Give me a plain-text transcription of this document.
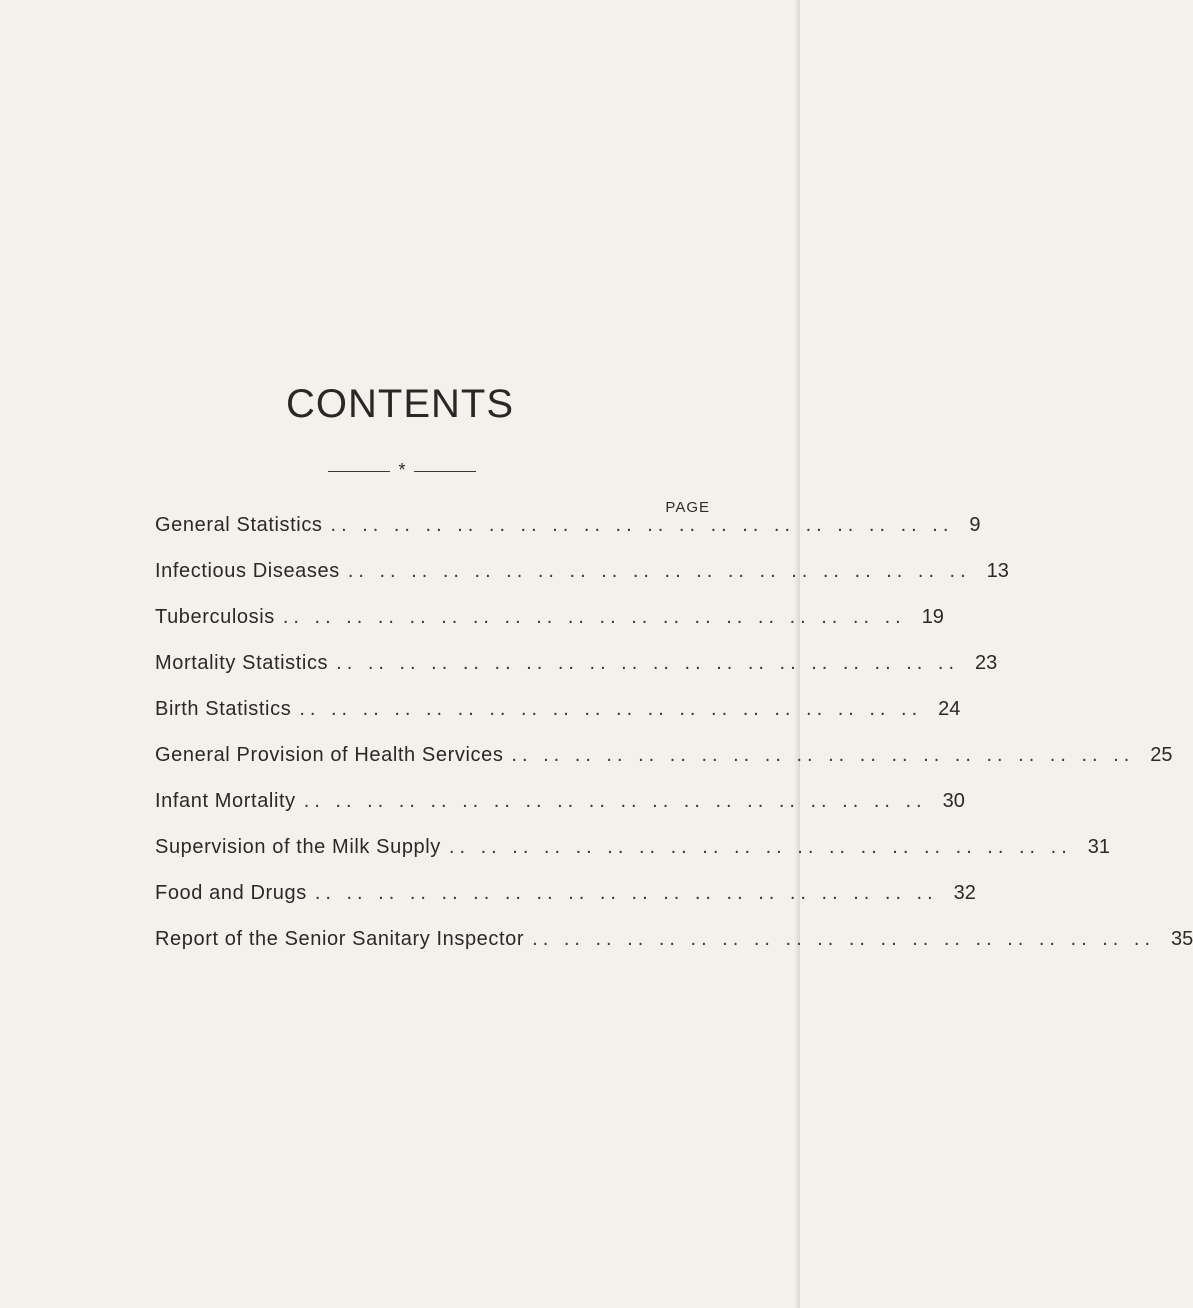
CONTENTS
*
PAGE
General Statistics .. .. .. .. .. .. .. .. .. .. .. .. .. .. .. .. .. .. .. .. 9
Infectious Diseases .. .. .. .. .. .. .. .. .. .. .. .. .. .. .. .. .. .. .. .. 13
Tuberculosis .. .. .. .. .. .. .. .. .. .. .. .. .. .. .. .. .. .. .. .. 19
Mortality Statistics .. .. .. .. .. .. .. .. .. .. .. .. .. .. .. .. .. .. .. .. 23
Birth Statistics .. .. .. .. .. .. .. .. .. .. .. .. .. .. .. .. .. .. .. .. 24
General Provision of Health Services .. .. .. .. .. .. .. .. .. .. .. .. .. .. .. .. .. .. .. .. 25
Infant Mortality .. .. .. .. .. .. .. .. .. .. .. .. .. .. .. .. .. .. .. .. 30
Supervision of the Milk Supply .. .. .. .. .. .. .. .. .. .. .. .. .. .. .. .. .. .. .. .. 31
Food and Drugs .. .. .. .. .. .. .. .. .. .. .. .. .. .. .. .. .. .. .. .. 32
Report of the Senior Sanitary Inspector .. .. .. .. .. .. .. .. .. .. .. .. .. .. .. .. .. .. .. .. 35
